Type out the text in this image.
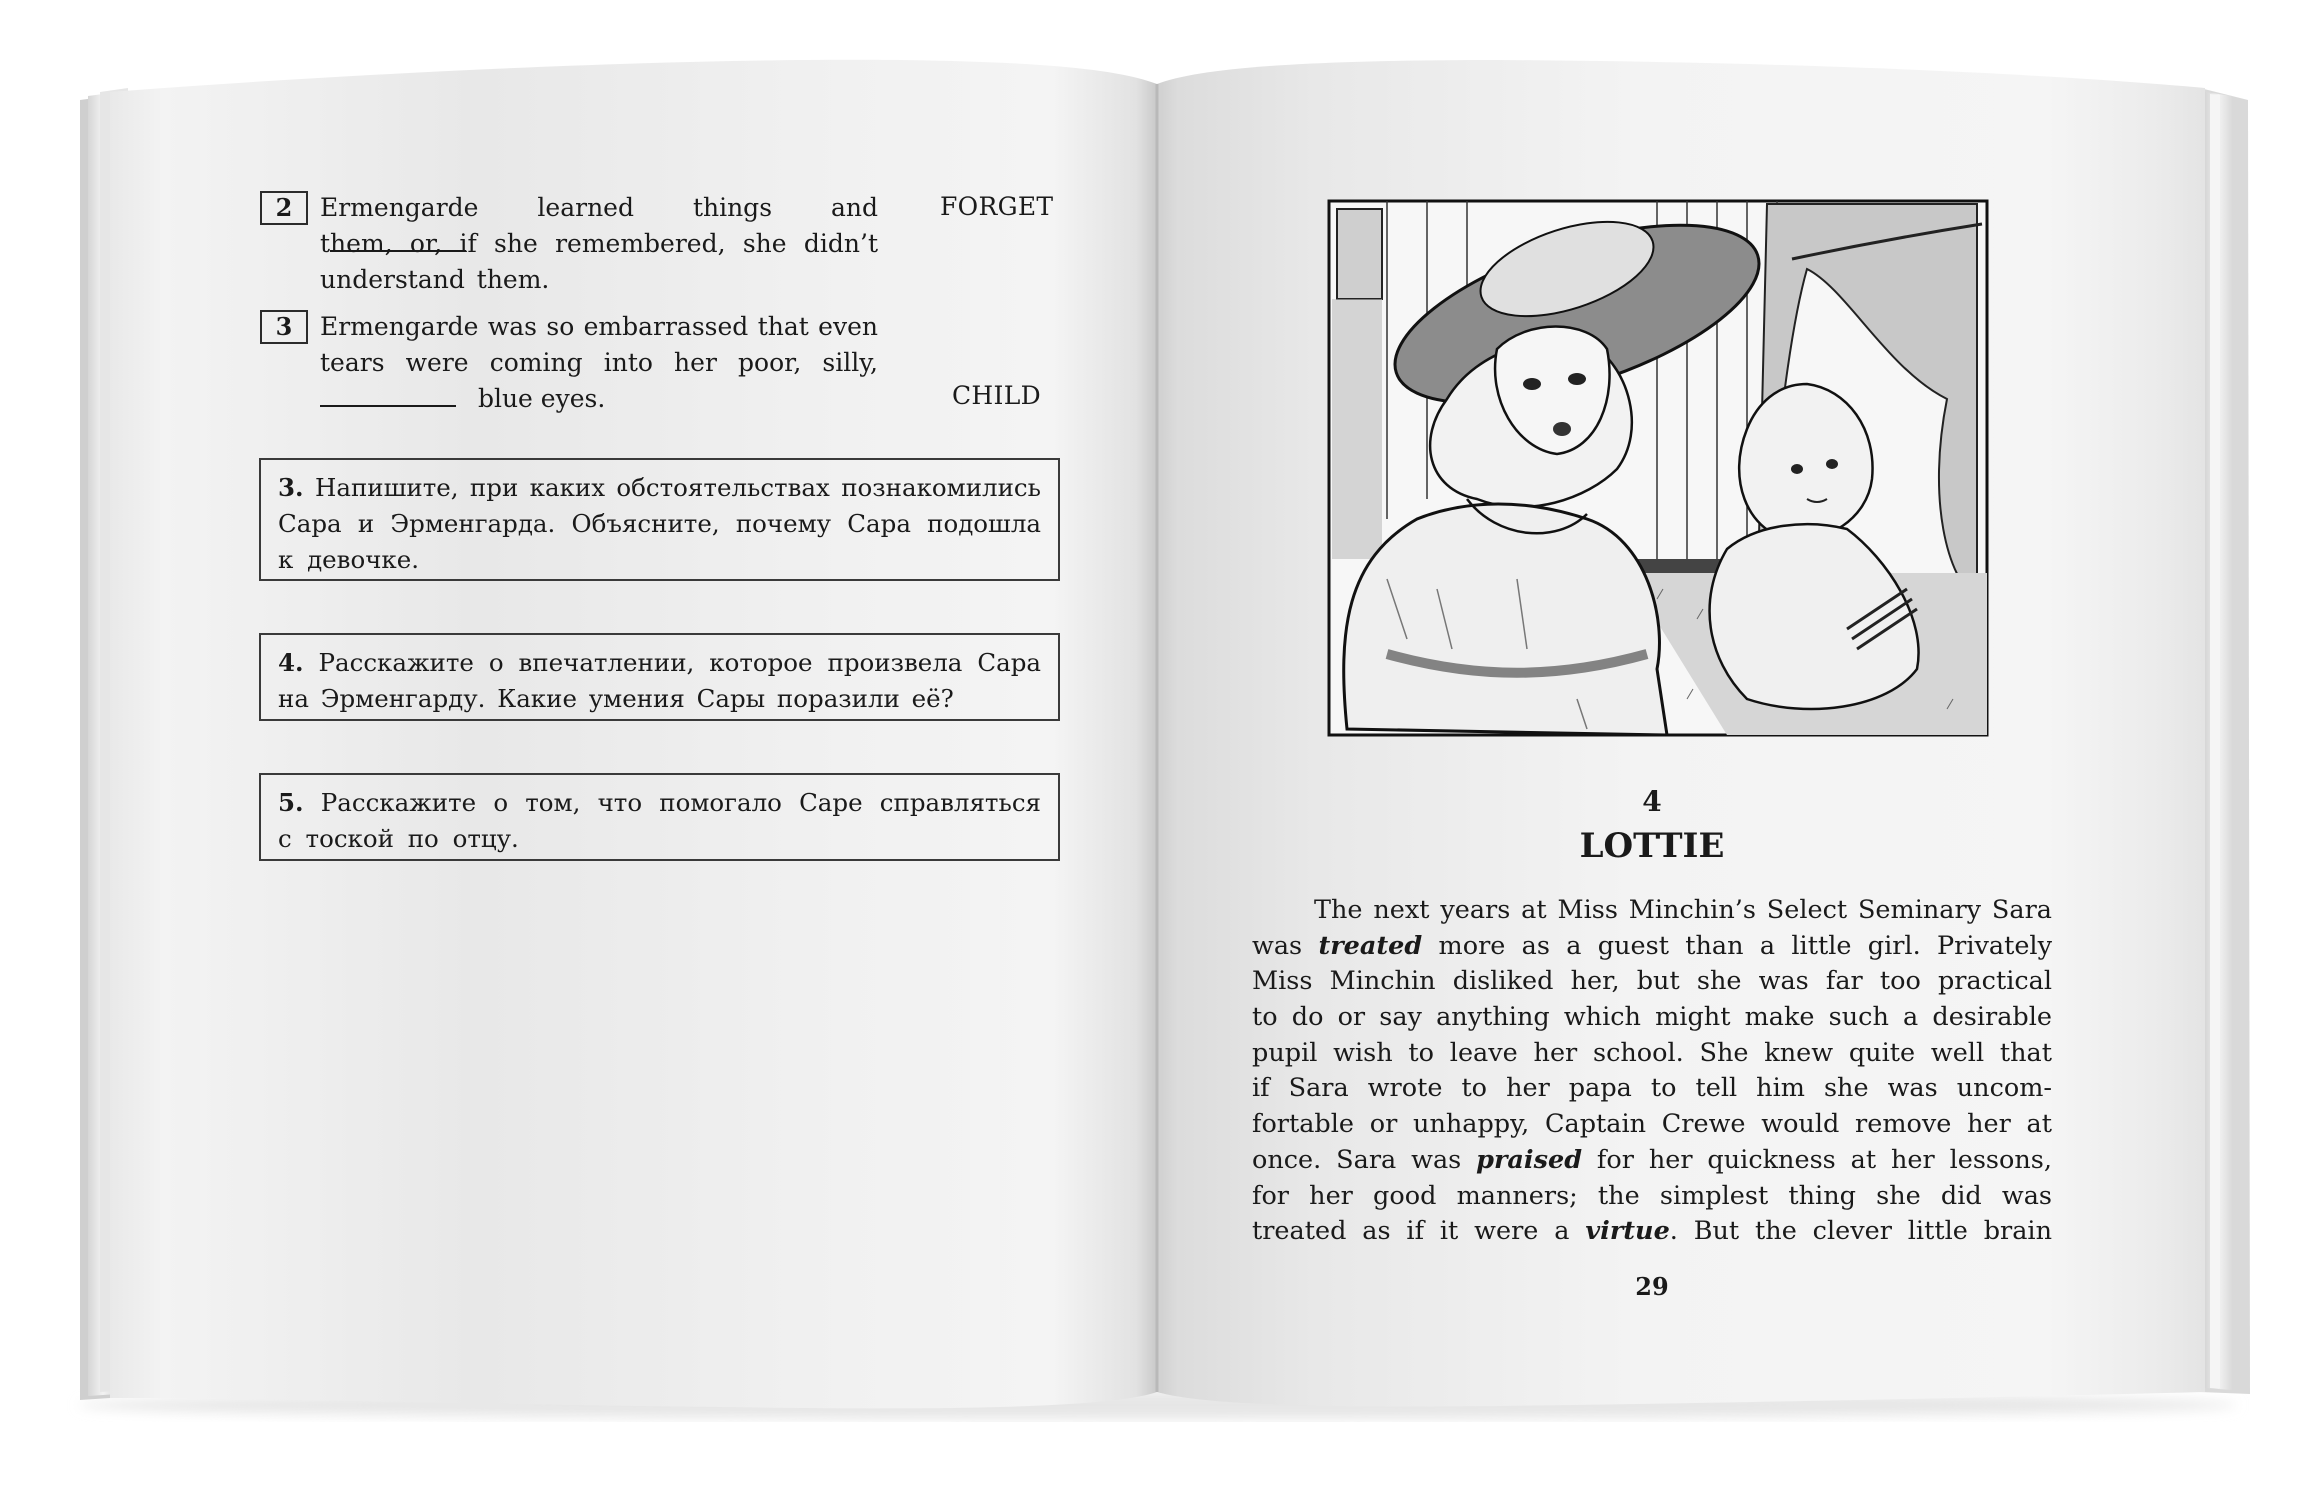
2	Ermengarde learned things and
them, or, if she remembered, she didn’t
understand them.
FORGET
3	Ermengarde was so embarrassed that even
tears were coming into her poor, silly,
blue eyes.	CHILD
3. Напишите, при каких обстоятельствах познакомились
Сара и Эрменгарда. Объясните, почему Сара подошла
к девочке.
4. Расскажите о впечатлении, которое произвела Сара
на Эрменгарду. Какие умения Сары поразили её?
5. Расскажите о том, что помогало Саре справляться
с тоской по отцу.
4
LOTTIE
The next years at Miss Minchin’s Select Seminary Sara
was treated more as a guest than a little girl. Privately
Miss Minchin disliked her, but she was far too practical
to do or say anything which might make such a desirable
pupil wish to leave her school. She knew quite well that
if Sara wrote to her papa to tell him she was uncom-
fortable or unhappy, Captain Crewe would remove her at
once. Sara was praised for her quickness at her lessons,
for her good manners; the simplest thing she did was
treated as if it were a virtue. But the clever little brain
29
